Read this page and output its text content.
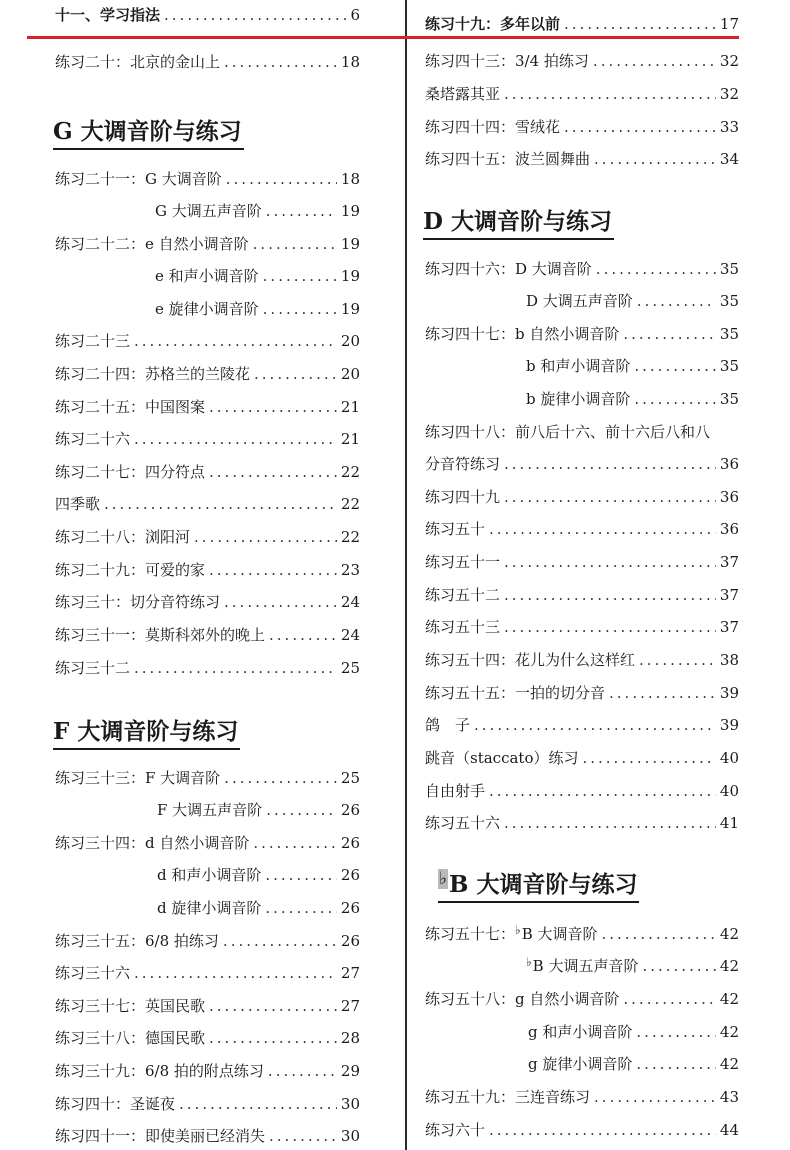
十一、学习指法 .....	6
练习二十：北京的金山上 .....	18
G 大调音阶与练习
练习二十一：G 大调音阶 .....	18
G 大调五声音阶 .....	19
练习二十二：e 自然小调音阶 .....	19
e 和声小调音阶 .....	19
e 旋律小调音阶 .....	19
练习二十三 .....	20
练习二十四：苏格兰的兰陵花 .....	20
练习二十五：中国图案 .....	21
练习二十六 .....	21
练习二十七：四分符点 .....	22
四季歌 .....	22
练习二十八：浏阳河 .....	22
练习二十九：可爱的家 .....	23
练习三十：切分音符练习 .....	24
练习三十一：莫斯科郊外的晚上 .....	24
练习三十二 .....	25
F 大调音阶与练习
练习三十三：F 大调音阶 .....	25
F 大调五声音阶 .....	26
练习三十四：d 自然小调音阶 .....	26
d 和声小调音阶 .....	26
d 旋律小调音阶 .....	26
练习三十五：6/8 拍练习 .....	26
练习三十六 .....	27
练习三十七：英国民歌 .....	27
练习三十八：德国民歌 .....	28
练习三十九：6/8 拍的附点练习 .....	29
练习四十：圣诞夜 .....	30
练习四十一：即使美丽已经消失 .....	30
练习十九：多年以前 .....	17
练习四十三：3/4 拍练习 .....	32
桑塔露其亚 .....	32
练习四十四：雪绒花 .....	33
练习四十五：波兰圆舞曲 .....	34
D 大调音阶与练习
练习四十六：D 大调音阶 .....	35
D 大调五声音阶 .....	35
练习四十七：b 自然小调音阶 .....	35
b 和声小调音阶 .....	35
b 旋律小调音阶 .....	35
练习四十八：前八后十六、前十六后八和八
分音符练习 .....	36
练习四十九 .....	36
练习五十 .....	36
练习五十一 .....	37
练习五十二 .....	37
练习五十三 .....	37
练习五十四：花儿为什么这样红 .....	38
练习五十五：一拍的切分音 .....	39
鸽　子 .....	39
跳音（staccato）练习 .....	40
自由射手 .....	40
练习五十六 .....	41
♭B 大调音阶与练习
练习五十七：♭B 大调音阶 .....	42
♭B 大调五声音阶 .....	42
练习五十八：g 自然小调音阶 .....	42
g 和声小调音阶 .....	42
g 旋律小调音阶 .....	42
练习五十九：三连音练习 .....	43
练习六十 .....	44
